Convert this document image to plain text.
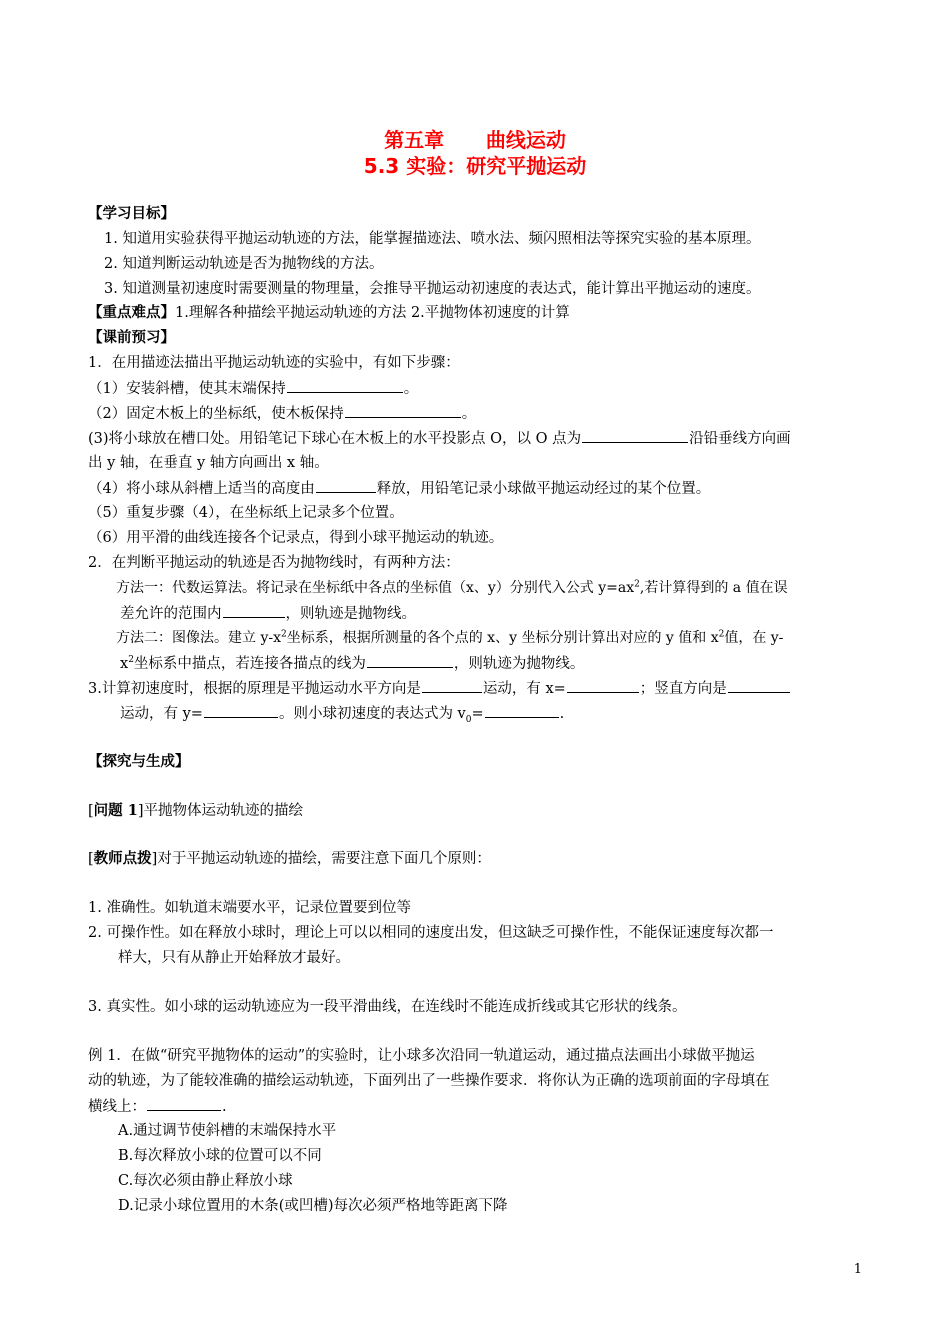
第五章      曲线运动
5.3 实验：研究平抛运动
【学习目标】
1. 知道用实验获得平抛运动轨迹的方法，能掌握描迹法、喷水法、频闪照相法等探究实验的基本原理。
2. 知道判断运动轨迹是否为抛物线的方法。
3. 知道测量初速度时需要测量的物理量，会推导平抛运动初速度的表达式，能计算出平抛运动的速度。
【重点难点】1.理解各种描绘平抛运动轨迹的方法 2.平抛物体初速度的计算
【课前预习】
1．在用描迹法描出平抛运动轨迹的实验中，有如下步骤：
（1）安装斜槽，使其末端保持	。
（2）固定木板上的坐标纸，使木板保持	。
(3)将小球放在槽口处。用铅笔记下球心在木板上的水平投影点 O，以 O 点为	沿铅垂线方向画
出 y 轴，在垂直 y 轴方向画出 x 轴。
（4）将小球从斜槽上适当的高度由	释放，用铅笔记录小球做平抛运动经过的某个位置。
（5）重复步骤（4），在坐标纸上记录多个位置。
（6）用平滑的曲线连接各个记录点，得到小球平抛运动的轨迹。
2．在判断平抛运动的轨迹是否为抛物线时，有两种方法：
方法一：代数运算法。将记录在坐标纸中各点的坐标值（x、y）分别代入公式 $y=ax^2$,若计算得到的 a 值在误
差允许的范围内	，则轨迹是抛物线。
方法二：图像法。建立 $y-x^2$坐标系，根据所测量的各个点的 x、y 坐标分别计算出对应的 y 值和 $x^2$值，在 y-
$x^2$坐标系中描点，若连接各描点的线为	，则轨迹为抛物线。
3.计算初速度时，根据的原理是平抛运动水平方向是	运动，有 x=	；竖直方向是
运动，有 y=	。则小球初速度的表达式为 $v_0=$	.
【探究与生成】
[问题 1]平抛物体运动轨迹的描绘
[教师点拨]对于平抛运动轨迹的描绘，需要注意下面几个原则：
1. 准确性。如轨道末端要水平，记录位置要到位等
2. 可操作性。如在释放小球时，理论上可以以相同的速度出发，但这缺乏可操作性，不能保证速度每次都一
样大，只有从静止开始释放才最好。
3. 真实性。如小球的运动轨迹应为一段平滑曲线，在连线时不能连成折线或其它形状的线条。
例 1．在做“研究平抛物体的运动”的实验时，让小球多次沿同一轨道运动，通过描点法画出小球做平抛运
动的轨迹，为了能较准确的描绘运动轨迹，下面列出了一些操作要求．将你认为正确的选项前面的字母填在
横线上：	.
A.通过调节使斜槽的末端保持水平
B.每次释放小球的位置可以不同
C.每次必须由静止释放小球
D.记录小球位置用的木条(或凹槽)每次必须严格地等距离下降
1
